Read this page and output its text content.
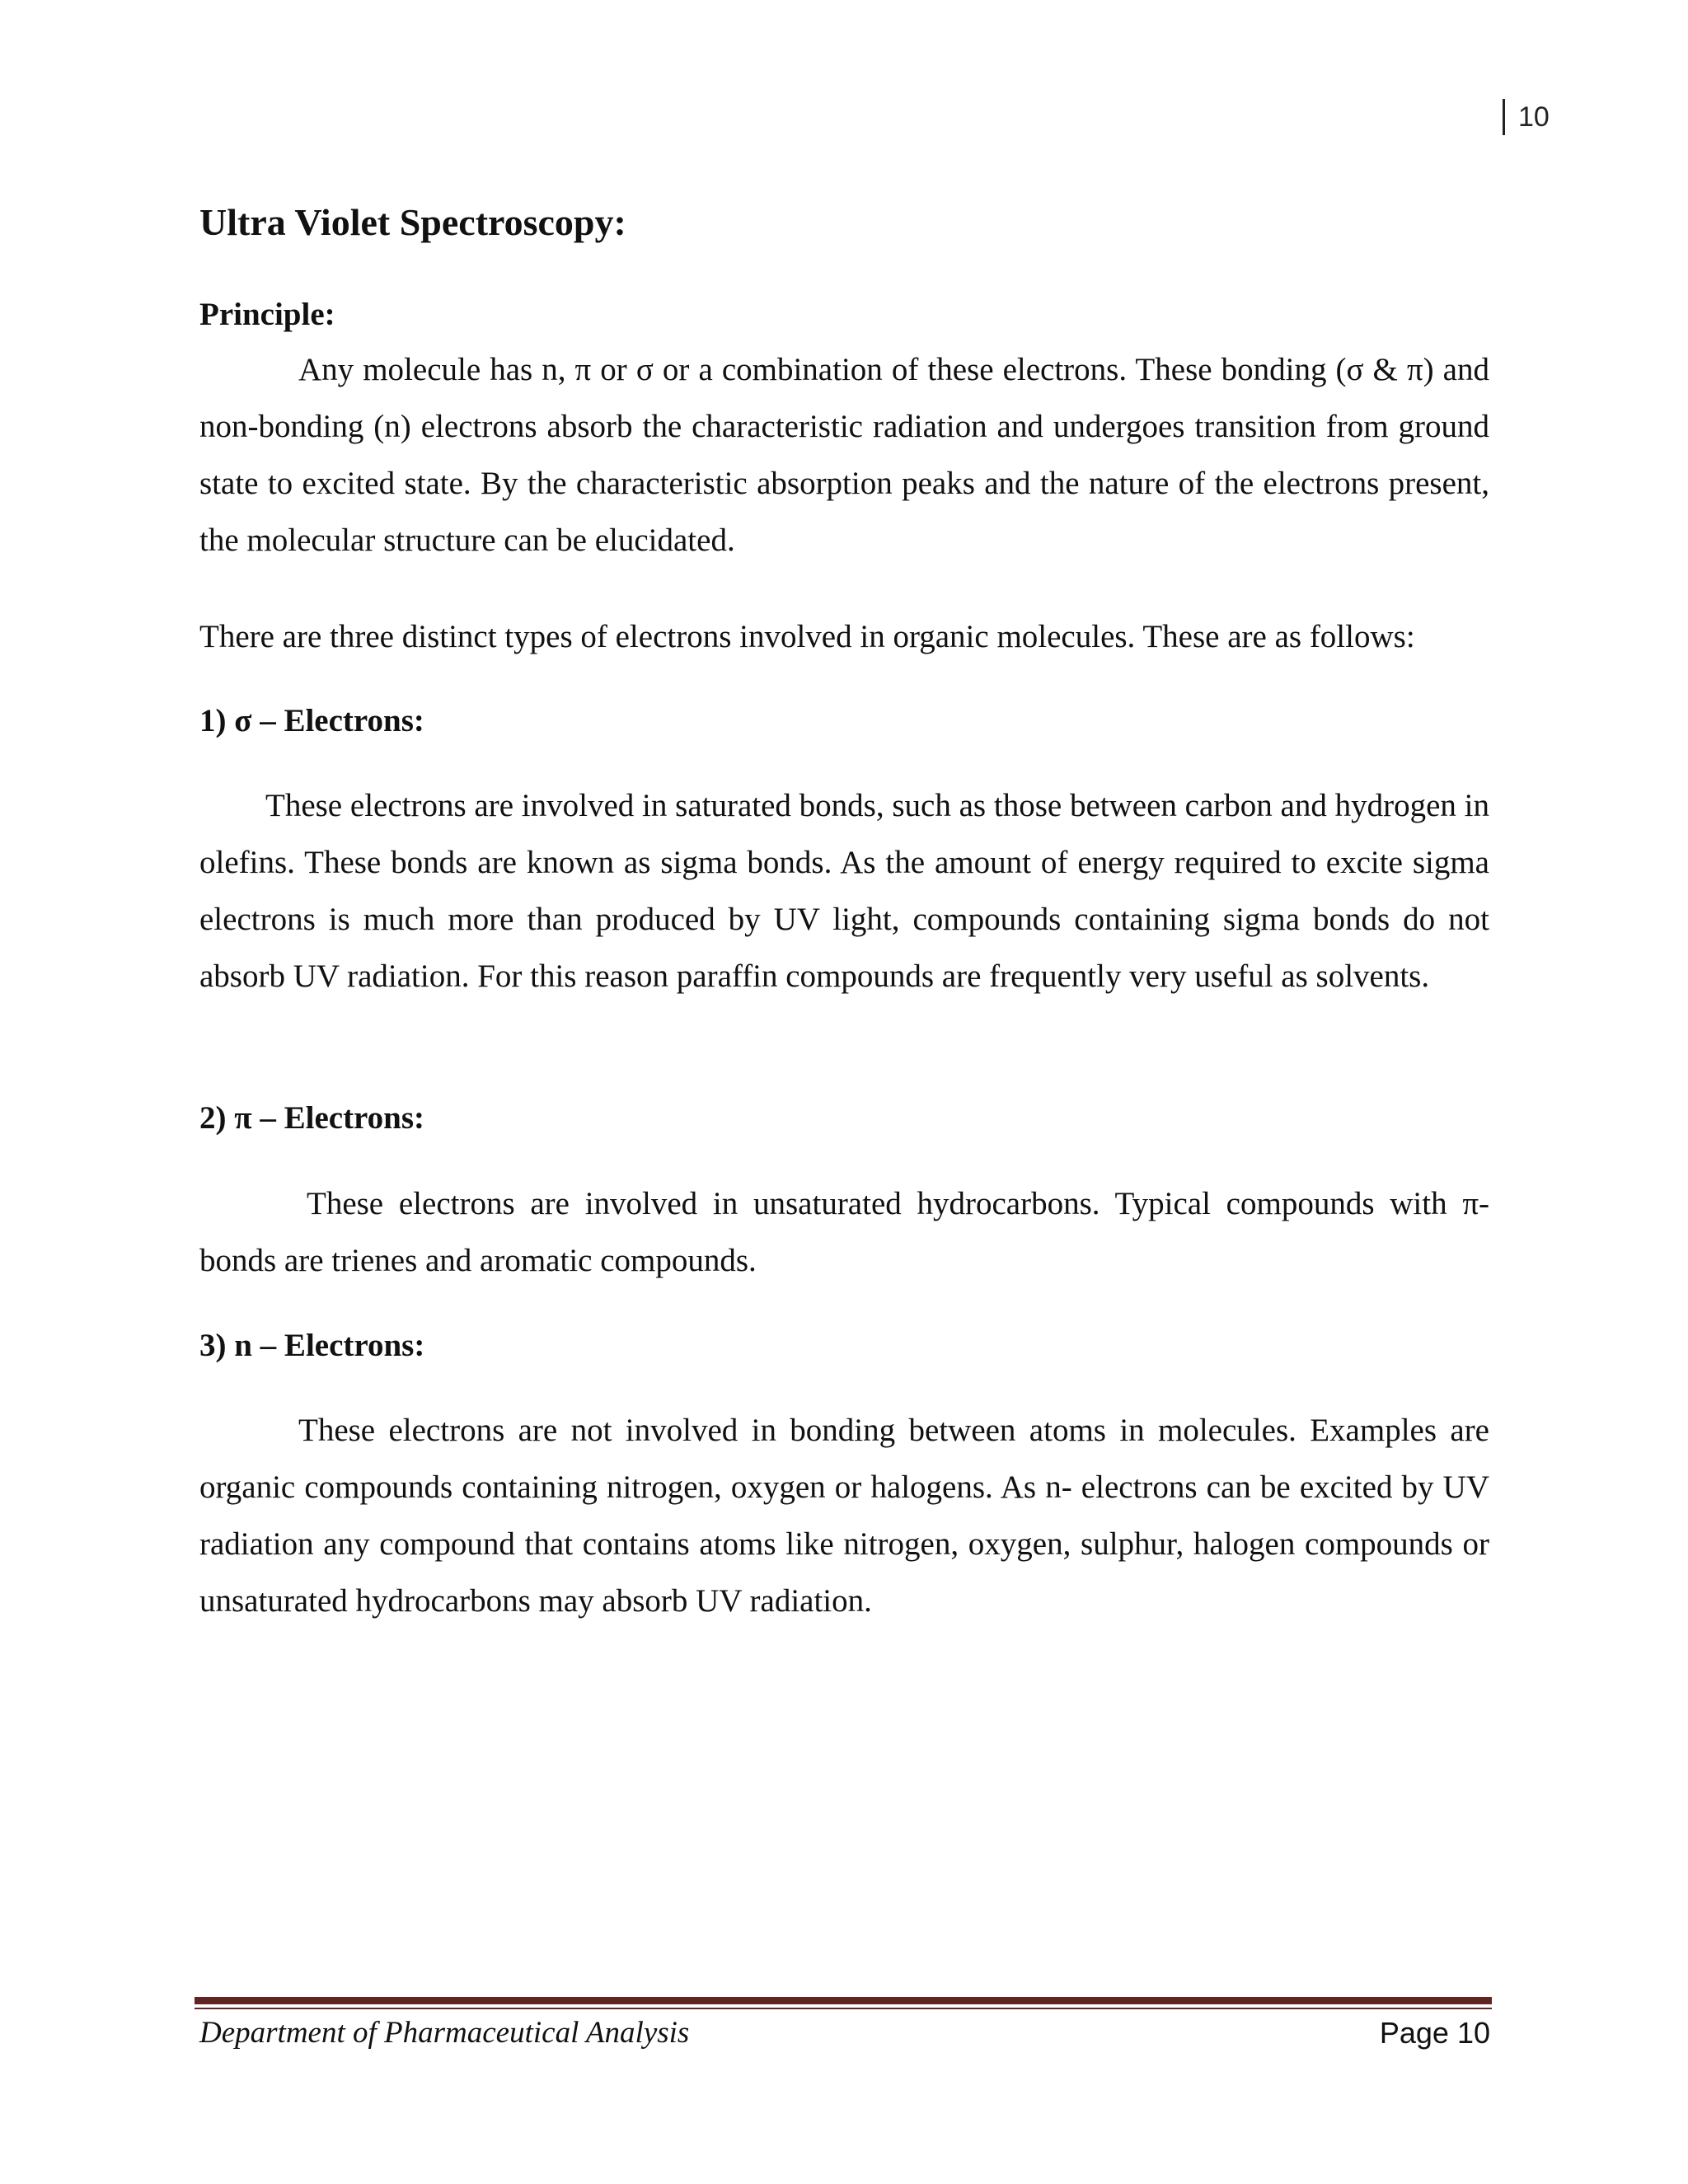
10
Ultra Violet Spectroscopy:
Principle:

Any molecule has n, π or σ or a combination of these electrons. These bonding (σ & π) and non-bonding (n) electrons absorb the characteristic radiation and undergoes transition from ground state to excited state. By the characteristic absorption peaks and the nature of the electrons present, the molecular structure can be elucidated.

There are three distinct types of electrons involved in organic molecules. These are as follows:

1) σ – Electrons:

These electrons are involved in saturated bonds, such as those between carbon and hydrogen in olefins. These bonds are known as sigma bonds. As the amount of energy required to excite sigma electrons is much more than produced by UV light, compounds containing sigma bonds do not absorb UV radiation. For this reason paraffin compounds are frequently very useful as solvents.

2) π – Electrons:

These electrons are involved in unsaturated hydrocarbons. Typical compounds with π-bonds are trienes and aromatic compounds.

3) n – Electrons:

These electrons are not involved in bonding between atoms in molecules. Examples are organic compounds containing nitrogen, oxygen or halogens. As n- electrons can be excited by UV radiation any compound that contains atoms like nitrogen, oxygen, sulphur, halogen compounds or unsaturated hydrocarbons may absorb UV radiation.

Department of Pharmaceutical Analysis	Page 10
